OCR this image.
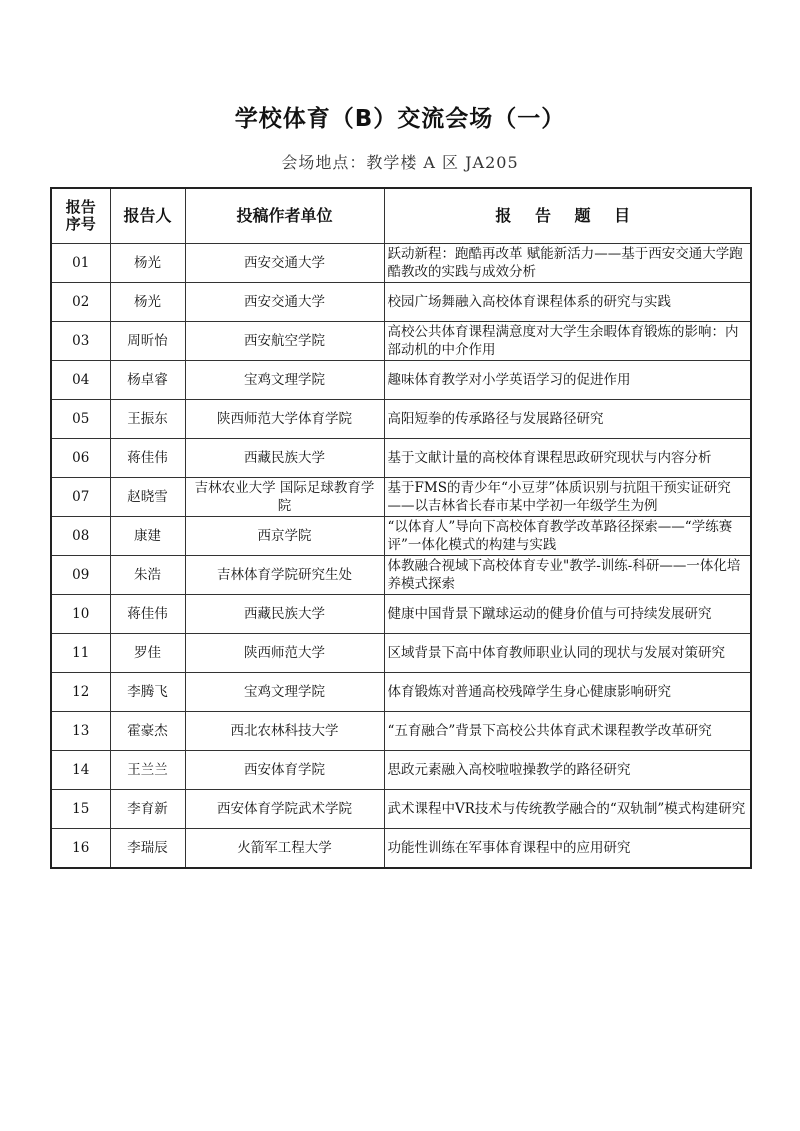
学校体育（B）交流会场（一）
会场地点：教学楼 A 区 JA205
报告
序号	报告人	投稿作者单位	报 告 题 目
01	杨光	西安交通大学	跃动新程：跑酷再改革 赋能新活力——基于西安交通大学跑酷教改的实践与成效分析
02	杨光	西安交通大学	校园广场舞融入高校体育课程体系的研究与实践
03	周昕怡	西安航空学院	高校公共体育课程满意度对大学生余暇体育锻炼的影响：内部动机的中介作用
04	杨卓睿	宝鸡文理学院	趣味体育教学对小学英语学习的促进作用
05	王振东	陕西师范大学体育学院	高阳短拳的传承路径与发展路径研究
06	蒋佳伟	西藏民族大学	基于文献计量的高校体育课程思政研究现状与内容分析
07	赵晓雪	吉林农业大学 国际足球教育学院	基于FMS的青少年“小豆芽”体质识别与抗阻干预实证研究——以吉林省长春市某中学初一年级学生为例
08	康建	西京学院	“以体育人”导向下高校体育教学改革路径探索——“学练赛评”一体化模式的构建与实践
09	朱浩	吉林体育学院研究生处	体教融合视域下高校体育专业"教学-训练-科研——一体化培养模式探索
10	蒋佳伟	西藏民族大学	健康中国背景下蹴球运动的健身价值与可持续发展研究
11	罗佳	陕西师范大学	区域背景下高中体育教师职业认同的现状与发展对策研究
12	李腾飞	宝鸡文理学院	体育锻炼对普通高校残障学生身心健康影响研究
13	霍豪杰	西北农林科技大学	“五育融合”背景下高校公共体育武术课程教学改革研究
14	王兰兰	西安体育学院	思政元素融入高校啦啦操教学的路径研究
15	李育新	西安体育学院武术学院	武术课程中VR技术与传统教学融合的“双轨制”模式构建研究
16	李瑞辰	火箭军工程大学	功能性训练在军事体育课程中的应用研究
